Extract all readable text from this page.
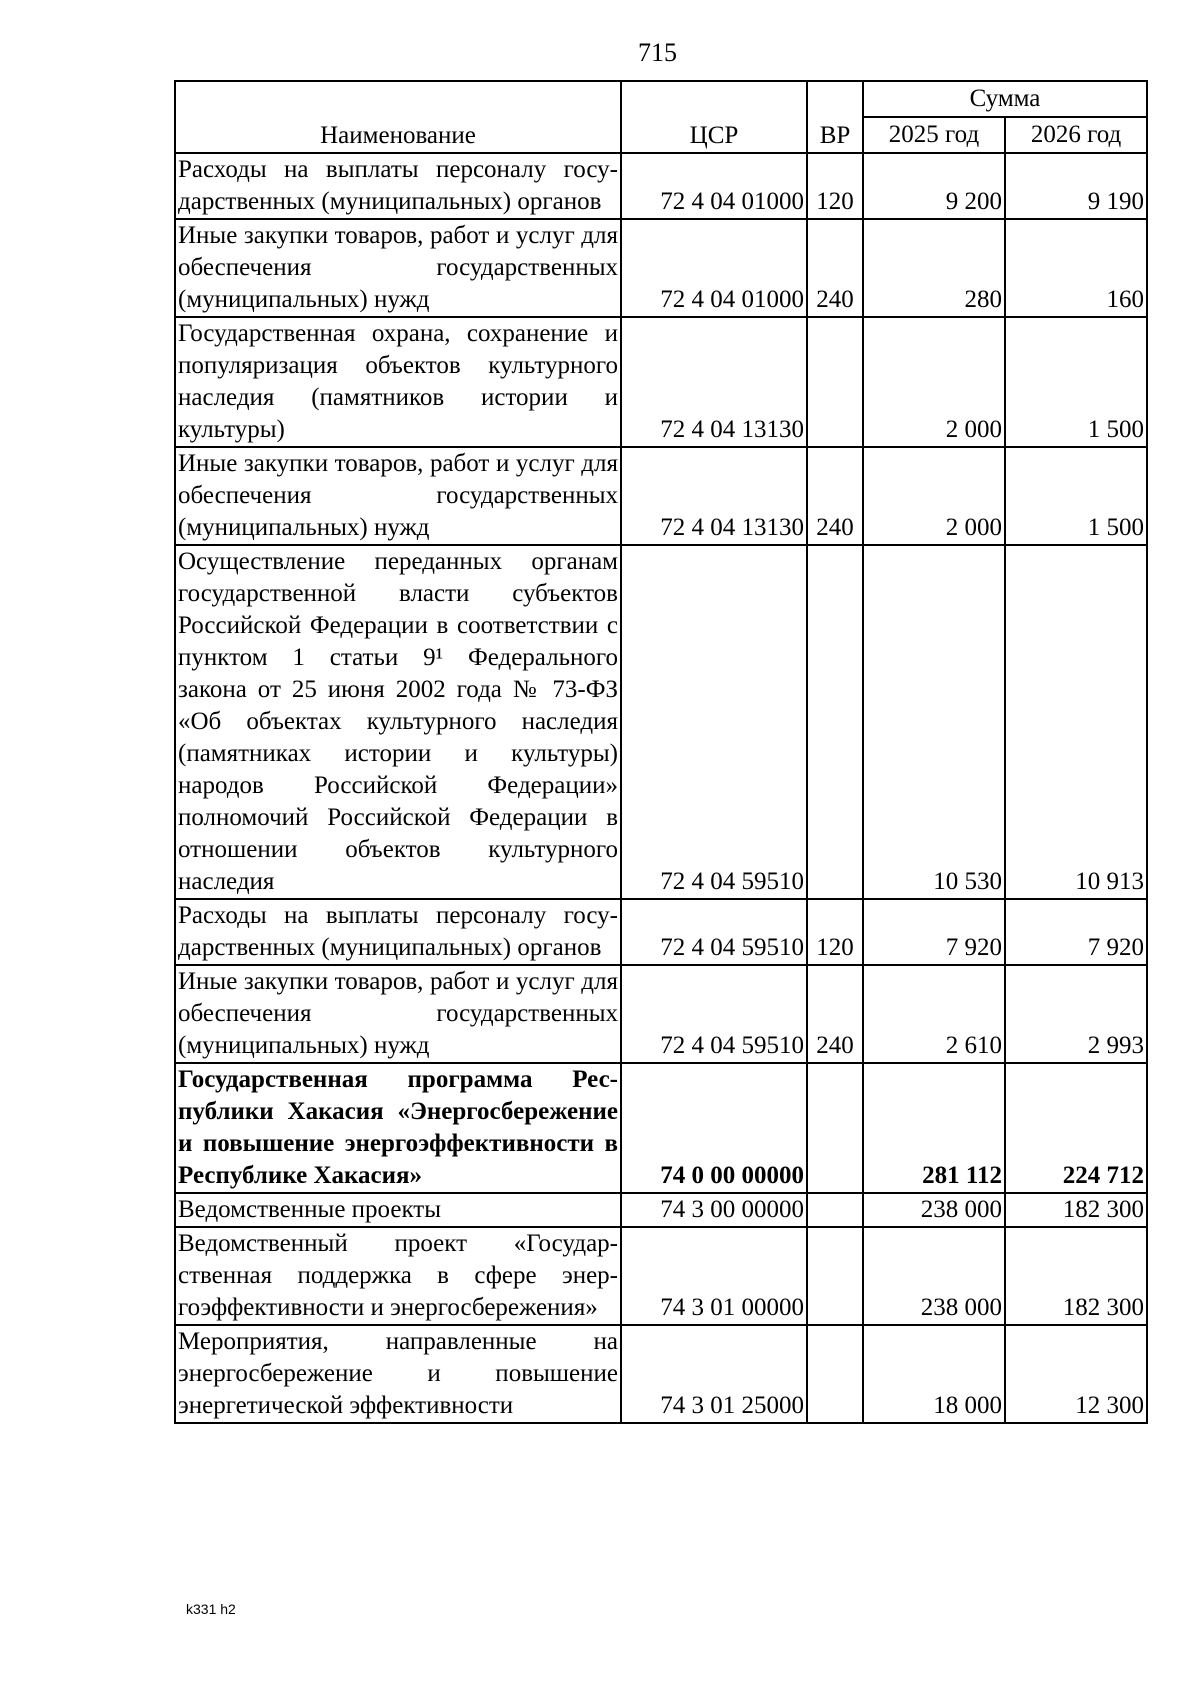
715
Наименование	ЦСР	ВР	Сумма	
			2025 год	2026 год
Расходы на выплаты персоналу государственных (муниципальных) органов	72 4 04 01000	120	9 200	9 190
Иные закупки товаров, работ и услуг для обеспечения государственных (муниципальных) нужд	72 4 04 01000	240	280	160
Государственная охрана, сохранение и популяризация объектов культурного наследия (памятников истории и культуры)	72 4 04 13130		2 000	1 500
Иные закупки товаров, работ и услуг для обеспечения государственных (муниципальных) нужд	72 4 04 13130	240	2 000	1 500
Осуществление переданных органам государственной власти субъектов Российской Федерации в соответствии с пунктом 1 статьи 9¹ Федерального закона от 25 июня 2002 года № 73-ФЗ «Об объектах культурного наследия (памятниках истории и культуры) народов Российской Федерации» полномочий Российской Федерации в отношении объектов культурного наследия	72 4 04 59510		10 530	10 913
Расходы на выплаты персоналу государственных (муниципальных) органов	72 4 04 59510	120	7 920	7 920
Иные закупки товаров, работ и услуг для обеспечения государственных (муниципальных) нужд	72 4 04 59510	240	2 610	2 993
Государственная программа Республики Хакасия «Энергосбережение и повышение энергоэффективности в Республике Хакасия»	74 0 00 00000		281 112	224 712
Ведомственные проекты	74 3 00 00000		238 000	182 300
Ведомственный проект «Государственная поддержка в сфере энергоэффективности и энергосбережения»	74 3 01 00000		238 000	182 300
Мероприятия, направленные на энергосбережение и повышение энергетической эффективности	74 3 01 25000		18 000	12 300
k331 h2
